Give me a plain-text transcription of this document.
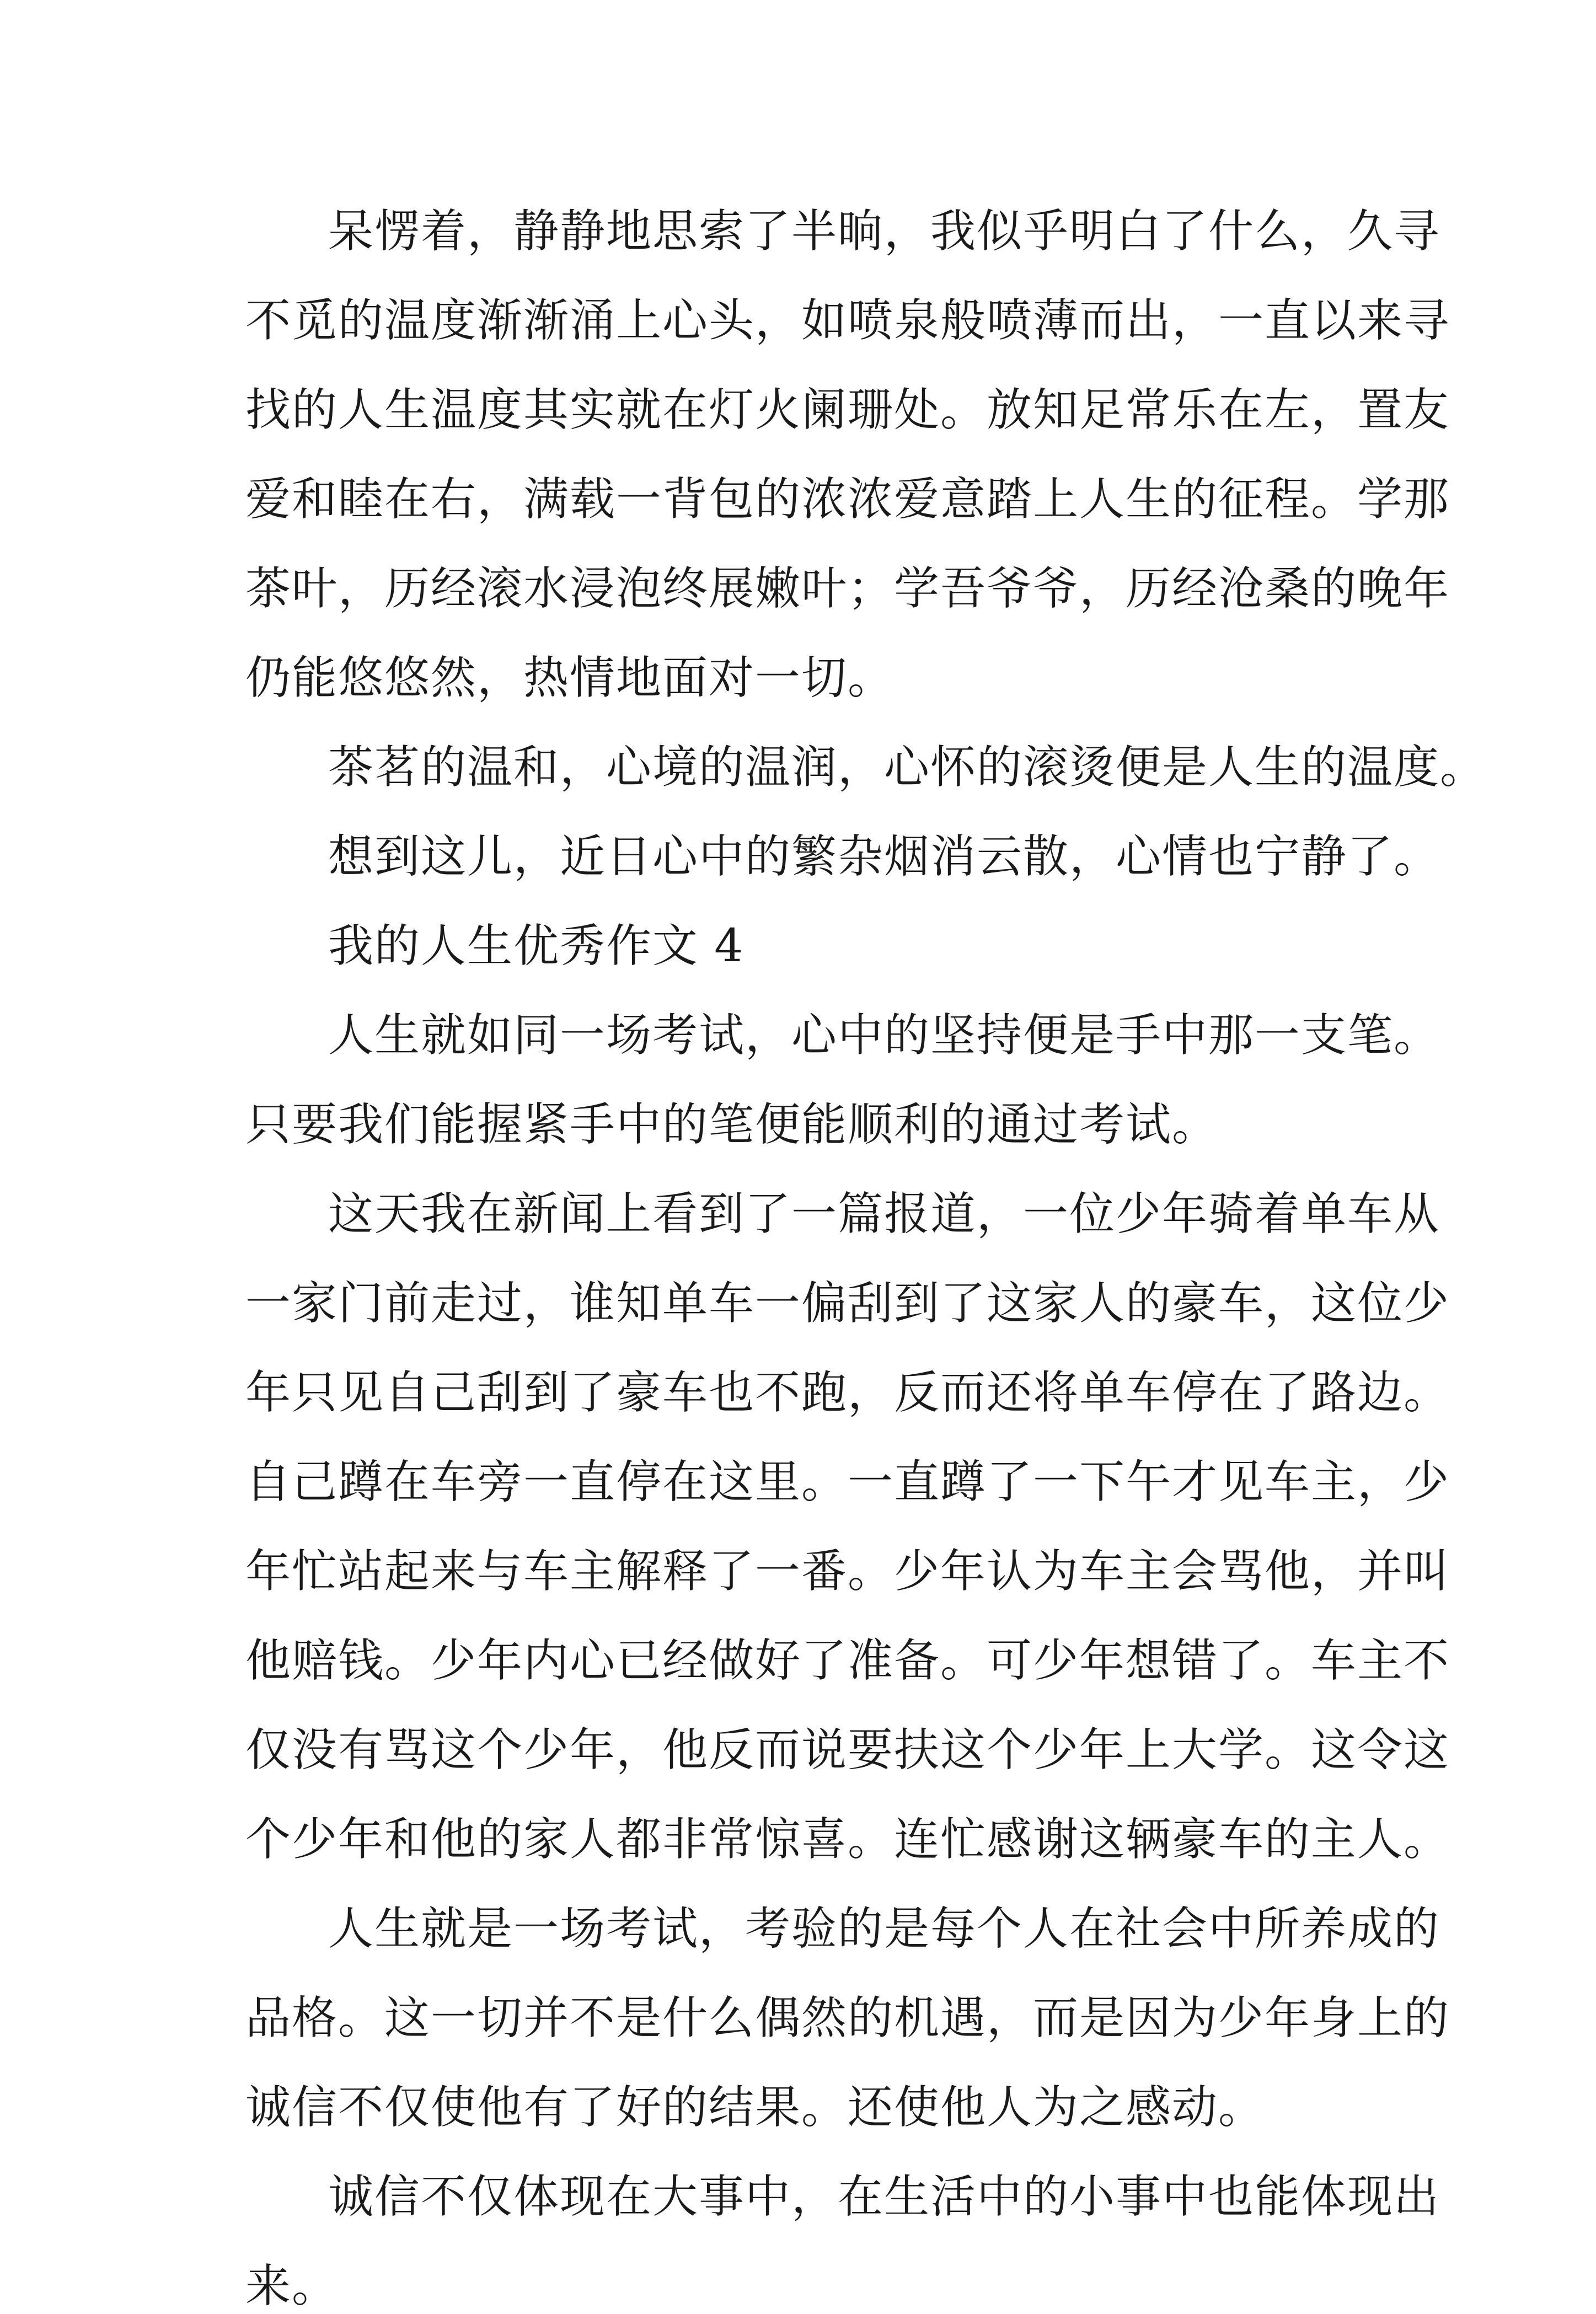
呆愣着，静静地思索了半晌，我似乎明白了什么，久寻
不觅的温度渐渐涌上心头，如喷泉般喷薄而出，一直以来寻
找的人生温度其实就在灯火阑珊处。放知足常乐在左，置友
爱和睦在右，满载一背包的浓浓爱意踏上人生的征程。学那
茶叶，历经滚水浸泡终展嫩叶；学吾爷爷，历经沧桑的晚年
仍能悠悠然，热情地面对一切。
茶茗的温和，心境的温润，心怀的滚烫便是人生的温度。
想到这儿，近日心中的繁杂烟消云散，心情也宁静了。
我的人生优秀作文 4
人生就如同一场考试，心中的坚持便是手中那一支笔。
只要我们能握紧手中的笔便能顺利的通过考试。
这天我在新闻上看到了一篇报道，一位少年骑着单车从
一家门前走过，谁知单车一偏刮到了这家人的豪车，这位少
年只见自己刮到了豪车也不跑，反而还将单车停在了路边。
自己蹲在车旁一直停在这里。一直蹲了一下午才见车主，少
年忙站起来与车主解释了一番。少年认为车主会骂他，并叫
他赔钱。少年内心已经做好了准备。可少年想错了。车主不
仅没有骂这个少年，他反而说要扶这个少年上大学。这令这
个少年和他的家人都非常惊喜。连忙感谢这辆豪车的主人。
人生就是一场考试，考验的是每个人在社会中所养成的
品格。这一切并不是什么偶然的机遇，而是因为少年身上的
诚信不仅使他有了好的结果。还使他人为之感动。
诚信不仅体现在大事中，在生活中的小事中也能体现出
来。
